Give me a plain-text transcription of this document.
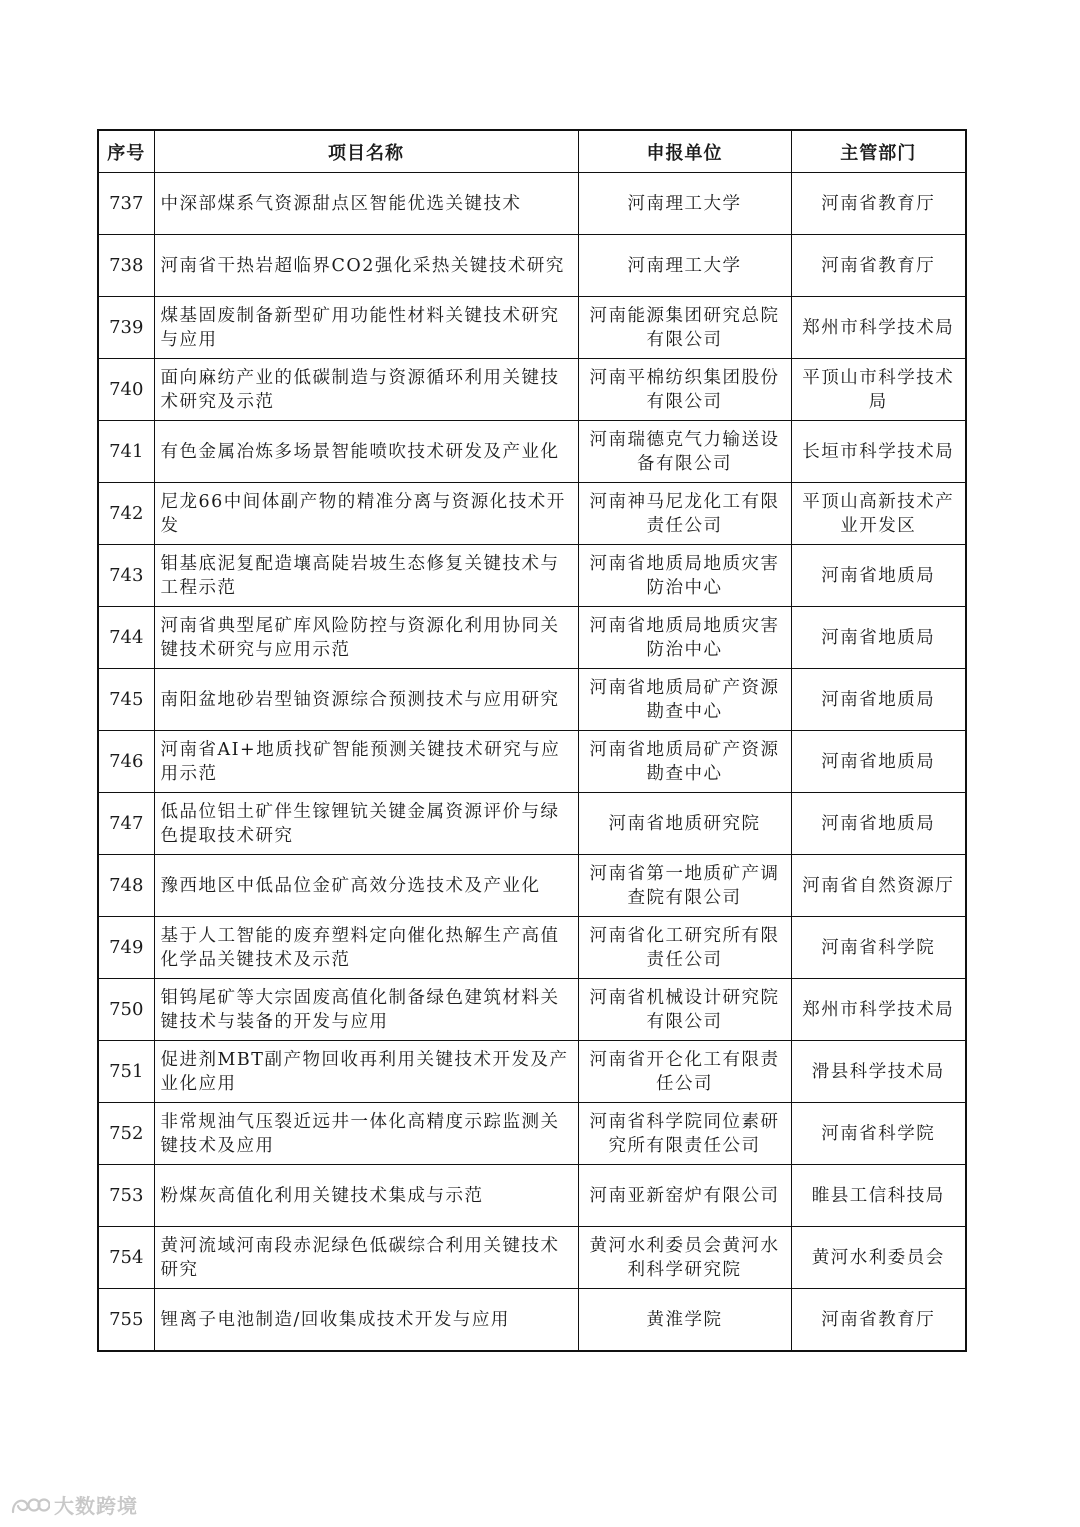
序号	项目名称	申报单位	主管部门
737	中深部煤系气资源甜点区智能优选关键技术	河南理工大学	河南省教育厅
738	河南省干热岩超临界CO2强化采热关键技术研究	河南理工大学	河南省教育厅
739	煤基固废制备新型矿用功能性材料关键技术研究与应用	河南能源集团研究总院有限公司	郑州市科学技术局
740	面向麻纺产业的低碳制造与资源循环利用关键技术研究及示范	河南平棉纺织集团股份有限公司	平顶山市科学技术局
741	有色金属冶炼多场景智能喷吹技术研发及产业化	河南瑞德克气力输送设备有限公司	长垣市科学技术局
742	尼龙66中间体副产物的精准分离与资源化技术开发	河南神马尼龙化工有限责任公司	平顶山高新技术产业开发区
743	钼基底泥复配造壤高陡岩坡生态修复关键技术与工程示范	河南省地质局地质灾害防治中心	河南省地质局
744	河南省典型尾矿库风险防控与资源化利用协同关键技术研究与应用示范	河南省地质局地质灾害防治中心	河南省地质局
745	南阳盆地砂岩型铀资源综合预测技术与应用研究	河南省地质局矿产资源勘查中心	河南省地质局
746	河南省AI+地质找矿智能预测关键技术研究与应用示范	河南省地质局矿产资源勘查中心	河南省地质局
747	低品位铝土矿伴生镓锂钪关键金属资源评价与绿色提取技术研究	河南省地质研究院	河南省地质局
748	豫西地区中低品位金矿高效分选技术及产业化	河南省第一地质矿产调查院有限公司	河南省自然资源厅
749	基于人工智能的废弃塑料定向催化热解生产高值化学品关键技术及示范	河南省化工研究所有限责任公司	河南省科学院
750	钼钨尾矿等大宗固废高值化制备绿色建筑材料关键技术与装备的开发与应用	河南省机械设计研究院有限公司	郑州市科学技术局
751	促进剂MBT副产物回收再利用关键技术开发及产业化应用	河南省开仑化工有限责任公司	滑县科学技术局
752	非常规油气压裂近远井一体化高精度示踪监测关键技术及应用	河南省科学院同位素研究所有限责任公司	河南省科学院
753	粉煤灰高值化利用关键技术集成与示范	河南亚新窑炉有限公司	睢县工信科技局
754	黄河流域河南段赤泥绿色低碳综合利用关键技术研究	黄河水利委员会黄河水利科学研究院	黄河水利委员会
755	锂离子电池制造/回收集成技术开发与应用	黄淮学院	河南省教育厅
大数跨境
